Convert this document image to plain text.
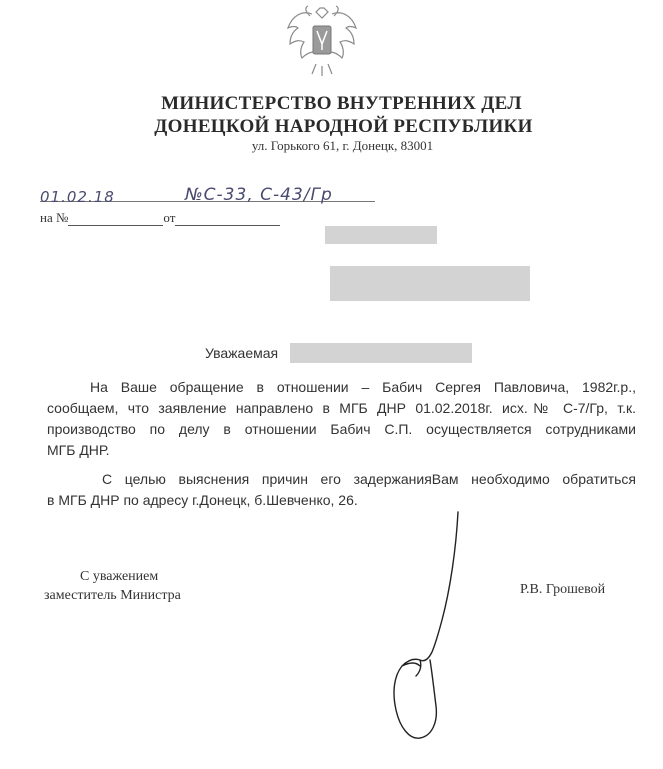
МИНИСТЕРСТВО ВНУТРЕННИХ ДЕЛ
ДОНЕЦКОЙ НАРОДНОЙ РЕСПУБЛИКИ
ул. Горького 61, г. Донецк, 83001
01.02.18	№С-33, С-43/Гр
на №	от
Уважаемая
На Ваше обращение в отношении – Бабич Сергея Павловича, 1982г.р.,
сообщаем, что заявление направлено в МГБ ДНР 01.02.2018г. исх.№ С-7/Гр, т.к.
производство по делу в отношении Бабич С.П. осуществляется сотрудниками
МГБ ДНР.
С целью выяснения причин его задержанияВам необходимо обратиться
в МГБ ДНР по адресу г.Донецк, б.Шевченко, 26.
С уважением
заместитель Министра	Р.В. Грошевой
